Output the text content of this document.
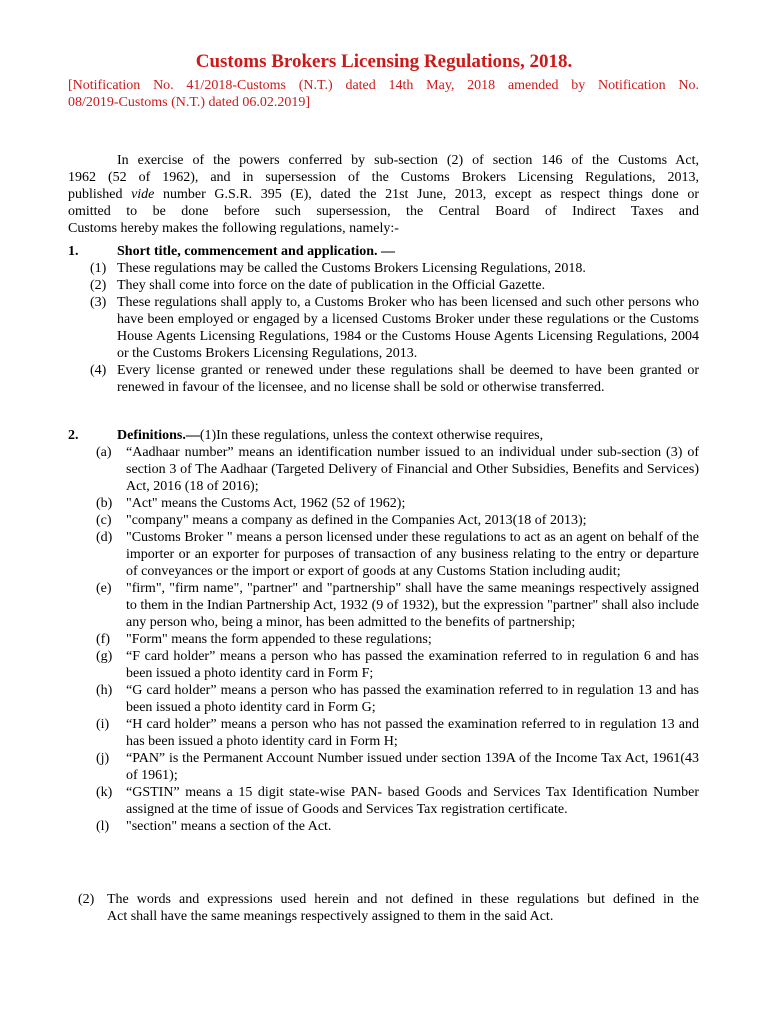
Customs Brokers Licensing Regulations, 2018.
[Notification No. 41/2018-Customs (N.T.) dated 14th May, 2018 amended by Notification No.
08/2019-Customs (N.T.) dated 06.02.2019]
In exercise of the powers conferred by sub-section (2) of section 146 of the Customs Act,
1962 (52 of 1962), and in supersession of the Customs Brokers Licensing Regulations, 2013,
published vide number G.S.R. 395 (E), dated the 21st June, 2013, except as respect things done or
omitted to be done before such supersession, the Central Board of Indirect Taxes and
Customs hereby makes the following regulations, namely:-
1.	Short title, commencement and application. —
(1) These regulations may be called the Customs Brokers Licensing Regulations, 2018.
(2) They shall come into force on the date of publication in the Official Gazette.
(3) These regulations shall apply to, a Customs Broker who has been licensed and such other persons who have been employed or engaged by a licensed Customs Broker under these regulations or the Customs House Agents Licensing Regulations, 1984 or the Customs House Agents Licensing Regulations, 2004 or the Customs Brokers Licensing Regulations, 2013.
(4) Every license granted or renewed under these regulations shall be deemed to have been granted or renewed in favour of the licensee, and no license shall be sold or otherwise transferred.
2.	Definitions.—(1)In these regulations, unless the context otherwise requires,
(a) “Aadhaar number” means an identification number issued to an individual under sub-section (3) of section 3 of The Aadhaar (Targeted Delivery of Financial and Other Subsidies, Benefits and Services) Act, 2016 (18 of 2016);
(b) "Act" means the Customs Act, 1962 (52 of 1962);
(c) "company" means a company as defined in the Companies Act, 2013(18 of 2013);
(d) "Customs Broker " means a person licensed under these regulations to act as an agent on behalf of the importer or an exporter for purposes of transaction of any business relating to the entry or departure of conveyances or the import or export of goods at any Customs Station including audit;
(e) "firm", "firm name", "partner" and "partnership" shall have the same meanings respectively assigned to them in the Indian Partnership Act, 1932 (9 of 1932), but the expression "partner" shall also include any person who, being a minor, has been admitted to the benefits of partnership;
(f) "Form" means the form appended to these regulations;
(g) “F card holder” means a person who has passed the examination referred to in regulation 6 and has been issued a photo identity card in Form F;
(h) “G card holder” means a person who has passed the examination referred to in regulation 13 and has been issued a photo identity card in Form G;
(i) “H card holder” means a person who has not passed the examination referred to in regulation 13 and has been issued a photo identity card in Form H;
(j) “PAN” is the Permanent Account Number issued under section 139A of the Income Tax Act, 1961(43 of 1961);
(k) “GSTIN” means a 15 digit state-wise PAN- based Goods and Services Tax Identification Number assigned at the time of issue of Goods and Services Tax registration certificate.
(l) "section" means a section of the Act.
(2) The words and expressions used herein and not defined in these regulations but defined in the
Act shall have the same meanings respectively assigned to them in the said Act.
